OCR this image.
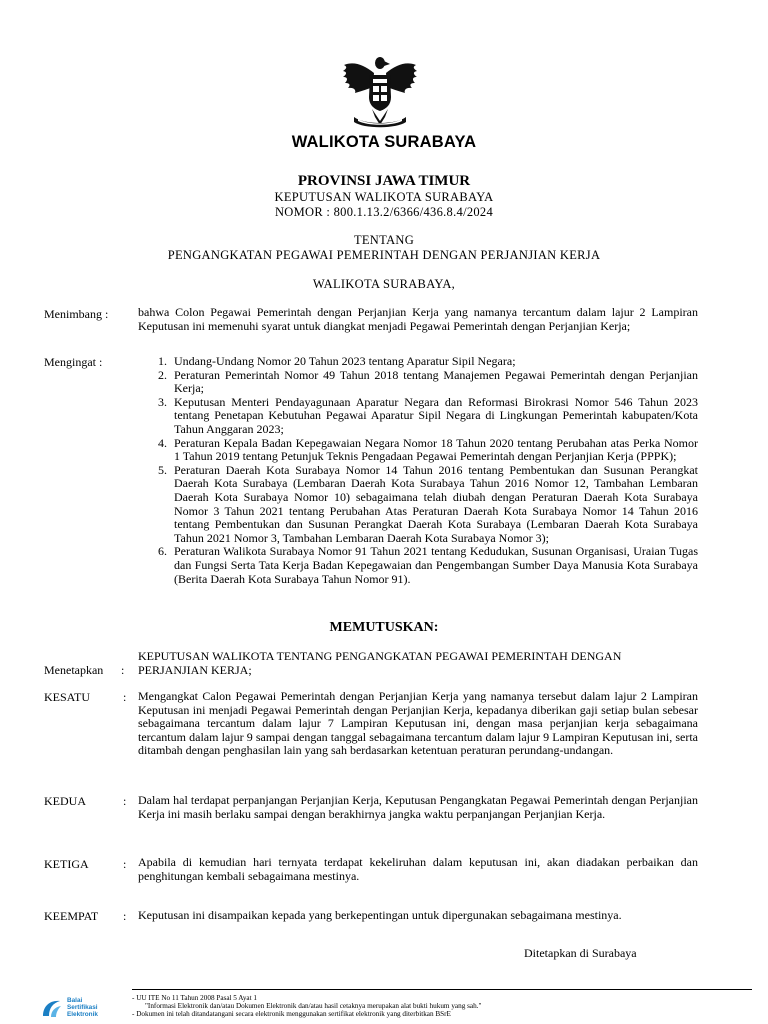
WALIKOTA SURABAYA
PROVINSI JAWA TIMUR
KEPUTUSAN WALIKOTA SURABAYA
NOMOR : 800.1.13.2/6366/436.8.4/2024
TENTANG
PENGANGKATAN PEGAWAI PEMERINTAH DENGAN PERJANJIAN KERJA
WALIKOTA SURABAYA,
Menimbang : bahwa Colon Pegawai Pemerintah dengan Perjanjian Kerja yang namanya tercantum dalam lajur 2 Lampiran Keputusan ini memenuhi syarat untuk diangkat menjadi Pegawai Pemerintah dengan Perjanjian Kerja;
Mengingat :	1. Undang-Undang Nomor 20 Tahun 2023 tentang Aparatur Sipil Negara;
2. Peraturan Pemerintah Nomor 49 Tahun 2018 tentang Manajemen Pegawai Pemerintah dengan Perjanjian Kerja;
3. Keputusan Menteri Pendayagunaan Aparatur Negara dan Reformasi Birokrasi Nomor 546 Tahun 2023 tentang Penetapan Kebutuhan Pegawai Aparatur Sipil Negara di Lingkungan Pemerintah kabupaten/Kota Tahun Anggaran 2023;
4. Peraturan Kepala Badan Kepegawaian Negara Nomor 18 Tahun 2020 tentang Perubahan atas Perka Nomor 1 Tahun 2019 tentang Petunjuk Teknis Pengadaan Pegawai Pemerintah dengan Perjanjian Kerja (PPPK);
5. Peraturan Daerah Kota Surabaya Nomor 14 Tahun 2016 tentang Pembentukan dan Susunan Perangkat Daerah Kota Surabaya (Lembaran Daerah Kota Surabaya Tahun 2016 Nomor 12, Tambahan Lembaran Daerah Kota Surabaya Nomor 10) sebagaimana telah diubah dengan Peraturan Daerah Kota Surabaya Nomor 3 Tahun 2021 tentang Perubahan Atas Peraturan Daerah Kota Surabaya Nomor 14 Tahun 2016 tentang Pembentukan dan Susunan Perangkat Daerah Kota Surabaya (Lembaran Daerah Kota Surabaya Tahun 2021 Nomor 3, Tambahan Lembaran Daerah Kota Surabaya Nomor 3);
6. Peraturan Walikota Surabaya Nomor 91 Tahun 2021 tentang Kedudukan, Susunan Organisasi, Uraian Tugas dan Fungsi Serta Tata Kerja Badan Kepegawaian dan Pengembangan Sumber Daya Manusia Kota Surabaya (Berita Daerah Kota Surabaya Tahun Nomor 91).
MEMUTUSKAN:
Menetapkan :
KEPUTUSAN WALIKOTA TENTANG PENGANGKATAN PEGAWAI PEMERINTAH DENGAN
PERJANJIAN KERJA;
KESATU	: Mengangkat Calon Pegawai Pemerintah dengan Perjanjian Kerja yang namanya tersebut dalam lajur 2 Lampiran Keputusan ini menjadi Pegawai Pemerintah dengan Perjanjian Kerja, kepadanya diberikan gaji setiap bulan sebesar sebagaimana tercantum dalam lajur 7 Lampiran Keputusan ini, dengan masa perjanjian kerja sebagaimana tercantum dalam lajur 9 sampai dengan tanggal sebagaimana tercantum dalam lajur 9 Lampiran Keputusan ini, serta ditambah dengan penghasilan lain yang sah berdasarkan ketentuan peraturan perundang-undangan.
KEDUA	: Dalam hal terdapat perpanjangan Perjanjian Kerja, Keputusan Pengangkatan Pegawai Pemerintah dengan Perjanjian Kerja ini masih berlaku sampai dengan berakhirnya jangka waktu perpanjangan Perjanjian Kerja.
KETIGA	: Apabila di kemudian hari ternyata terdapat kekeliruhan dalam keputusan ini, akan diadakan perbaikan dan penghitungan kembali sebagaimana mestinya.
KEEMPAT : Keputusan ini disampaikan kepada yang berkepentingan untuk dipergunakan sebagaimana mestinya.
Ditetapkan di Surabaya
Balai
Sertifikasi
Elektronik
- UU ITE No 11 Tahun 2008 Pasal 5 Ayat 1
"Informasi Elektronik dan/atau Dokumen Elektronik dan/atau hasil cetaknya merupakan alat bukti hukum yang sah."
- Dokumen ini telah ditandatangani secara elektronik menggunakan sertifikat elektronik yang diterbitkan BSrE
